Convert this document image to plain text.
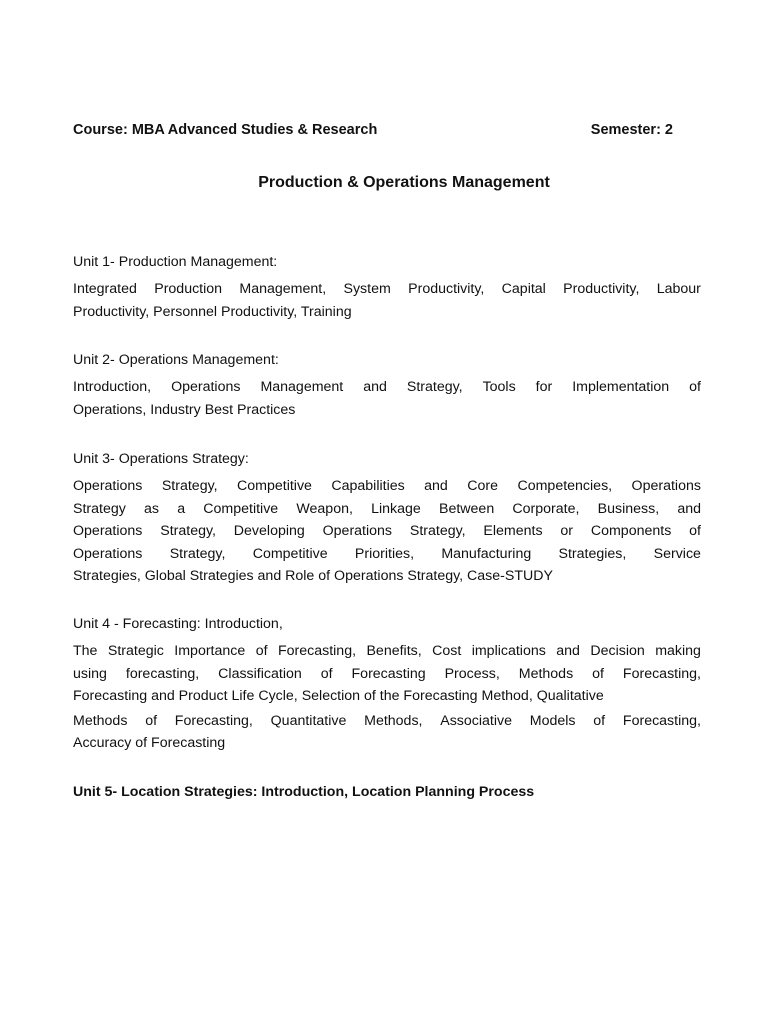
Course: MBA Advanced Studies & Research	Semester: 2
Production & Operations Management
Unit 1- Production Management:

Integrated Production Management, System Productivity, Capital Productivity, Labour

Productivity, Personnel Productivity, Training

Unit 2- Operations Management:

Introduction, Operations Management and Strategy, Tools for Implementation of

Operations, Industry Best Practices

Unit 3- Operations Strategy:

Operations Strategy, Competitive Capabilities and Core Competencies, Operations

Strategy as a Competitive Weapon, Linkage Between Corporate, Business, and

Operations Strategy, Developing Operations Strategy, Elements or Components of

Operations Strategy, Competitive Priorities, Manufacturing Strategies, Service

Strategies, Global Strategies and Role of Operations Strategy, Case-STUDY

Unit 4 - Forecasting: Introduction,

The Strategic Importance of Forecasting, Benefits, Cost implications and Decision making

using forecasting, Classification of Forecasting Process, Methods of Forecasting,

Forecasting and Product Life Cycle, Selection of the Forecasting Method, Qualitative

Methods of Forecasting, Quantitative Methods, Associative Models of Forecasting,

Accuracy of Forecasting

Unit 5- Location Strategies: Introduction, Location Planning Process
